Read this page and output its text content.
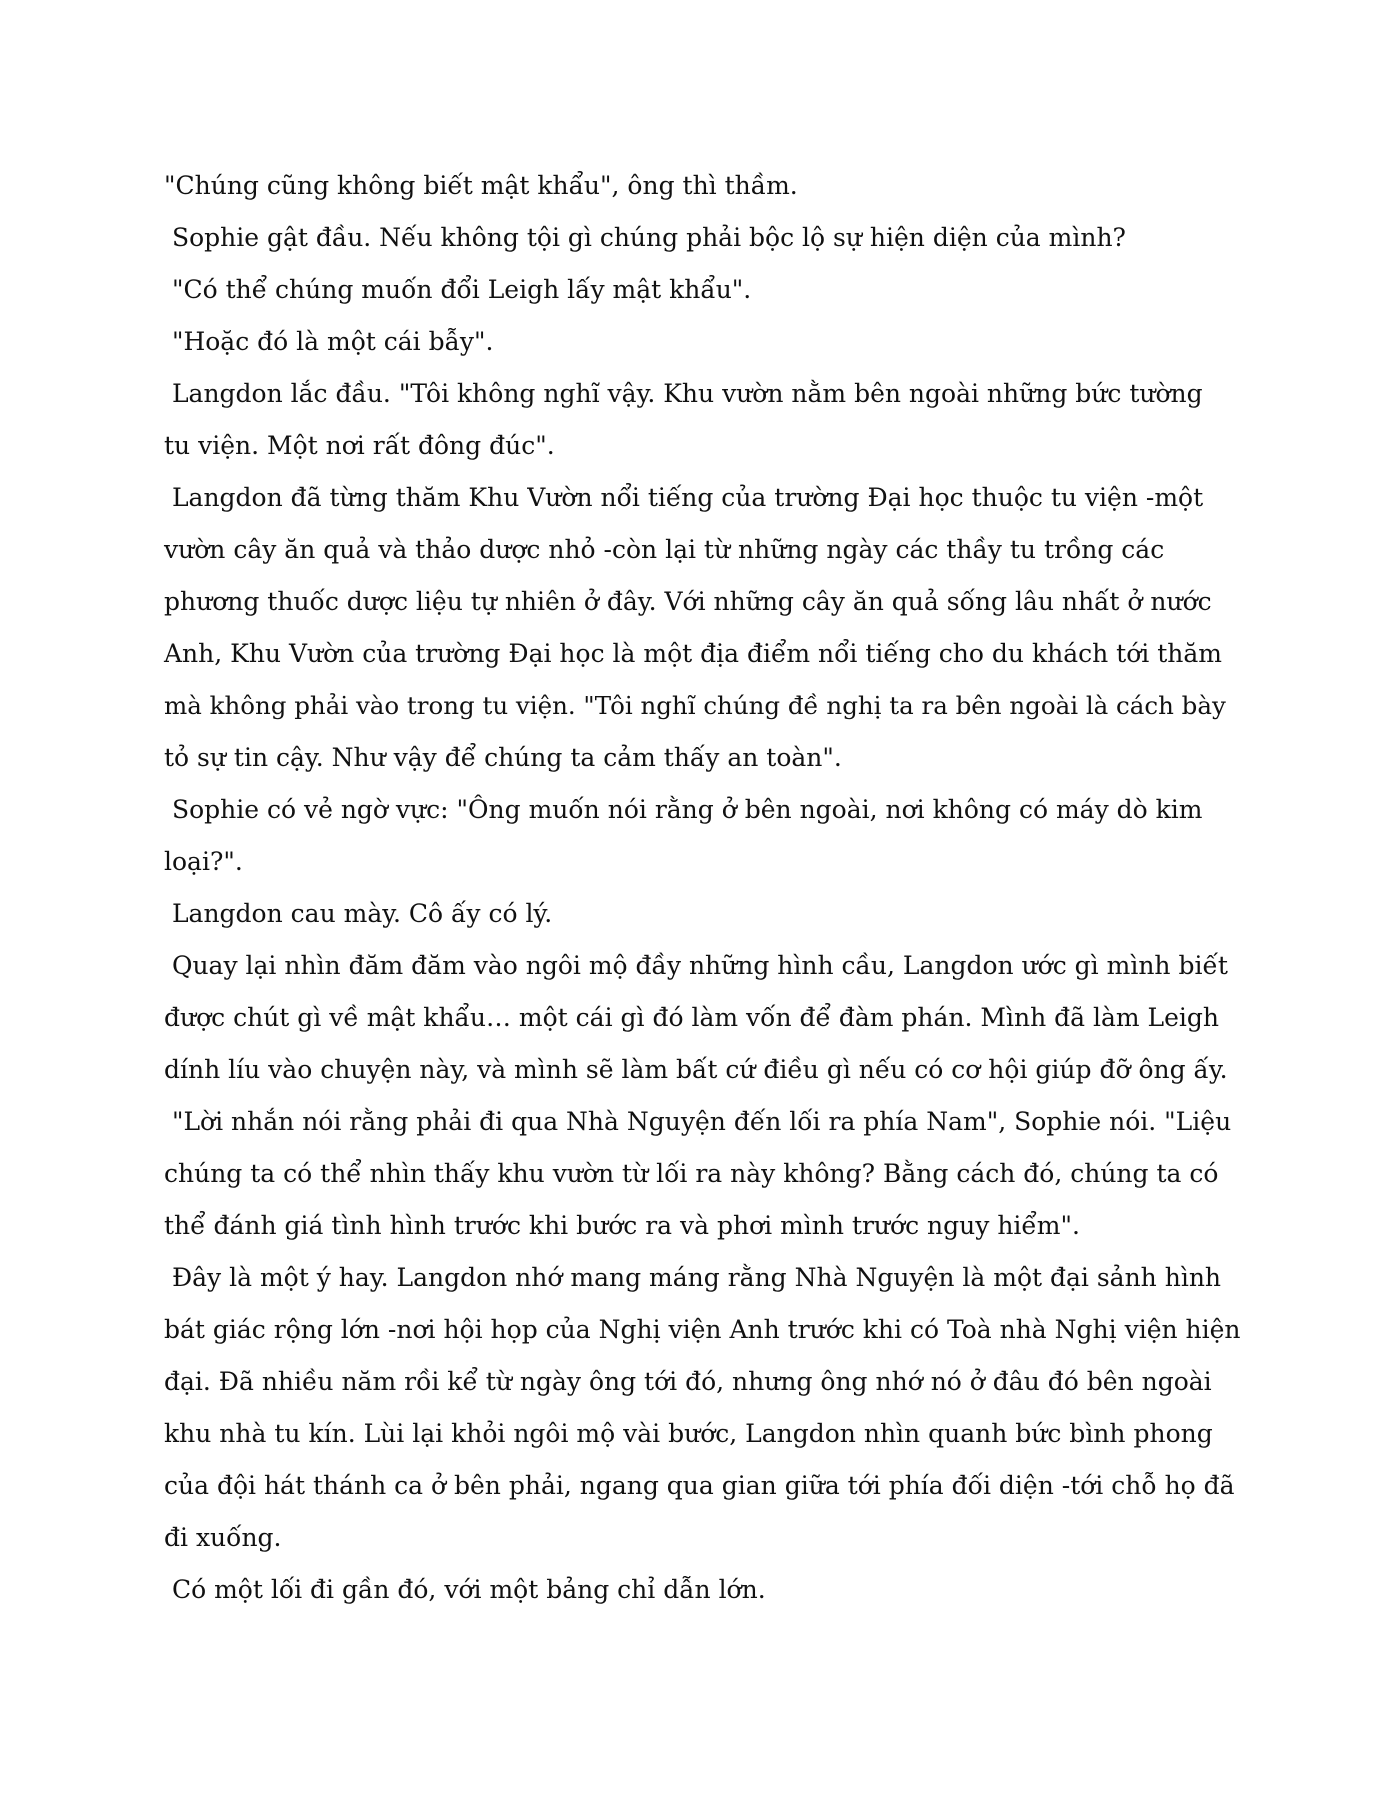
"Chúng cũng không biết mật khẩu", ông thì thầm.

Sophie gật đầu. Nếu không tội gì chúng phải bộc lộ sự hiện diện của mình?

"Có thể chúng muốn đổi Leigh lấy mật khẩu".

"Hoặc đó là một cái bẫy".

Langdon lắc đầu. "Tôi không nghĩ vậy. Khu vườn nằm bên ngoài những bức tường

tu viện. Một nơi rất đông đúc".

Langdon đã từng thăm Khu Vườn nổi tiếng của trường Đại học thuộc tu viện -một

vườn cây ăn quả và thảo dược nhỏ -còn lại từ những ngày các thầy tu trồng các

phương thuốc dược liệu tự nhiên ở đây. Với những cây ăn quả sống lâu nhất ở nước

Anh, Khu Vườn của trường Đại học là một địa điểm nổi tiếng cho du khách tới thăm

mà không phải vào trong tu viện. "Tôi nghĩ chúng đề nghị ta ra bên ngoài là cách bày

tỏ sự tin cậy. Như vậy để chúng ta cảm thấy an toàn".

Sophie có vẻ ngờ vực: "Ông muốn nói rằng ở bên ngoài, nơi không có máy dò kim

loại?".

Langdon cau mày. Cô ấy có lý.

Quay lại nhìn đăm đăm vào ngôi mộ đầy những hình cầu, Langdon ước gì mình biết

được chút gì về mật khẩu… một cái gì đó làm vốn để đàm phán. Mình đã làm Leigh

dính líu vào chuyện này, và mình sẽ làm bất cứ điều gì nếu có cơ hội giúp đỡ ông ấy.

"Lời nhắn nói rằng phải đi qua Nhà Nguyện đến lối ra phía Nam", Sophie nói. "Liệu

chúng ta có thể nhìn thấy khu vườn từ lối ra này không? Bằng cách đó, chúng ta có

thể đánh giá tình hình trước khi bước ra và phơi mình trước nguy hiểm".

Đây là một ý hay. Langdon nhớ mang máng rằng Nhà Nguyện là một đại sảnh hình

bát giác rộng lớn -nơi hội họp của Nghị viện Anh trước khi có Toà nhà Nghị viện hiện

đại. Đã nhiều năm rồi kể từ ngày ông tới đó, nhưng ông nhớ nó ở đâu đó bên ngoài

khu nhà tu kín. Lùi lại khỏi ngôi mộ vài bước, Langdon nhìn quanh bức bình phong

của đội hát thánh ca ở bên phải, ngang qua gian giữa tới phía đối diện -tới chỗ họ đã

đi xuống.

Có một lối đi gần đó, với một bảng chỉ dẫn lớn.
